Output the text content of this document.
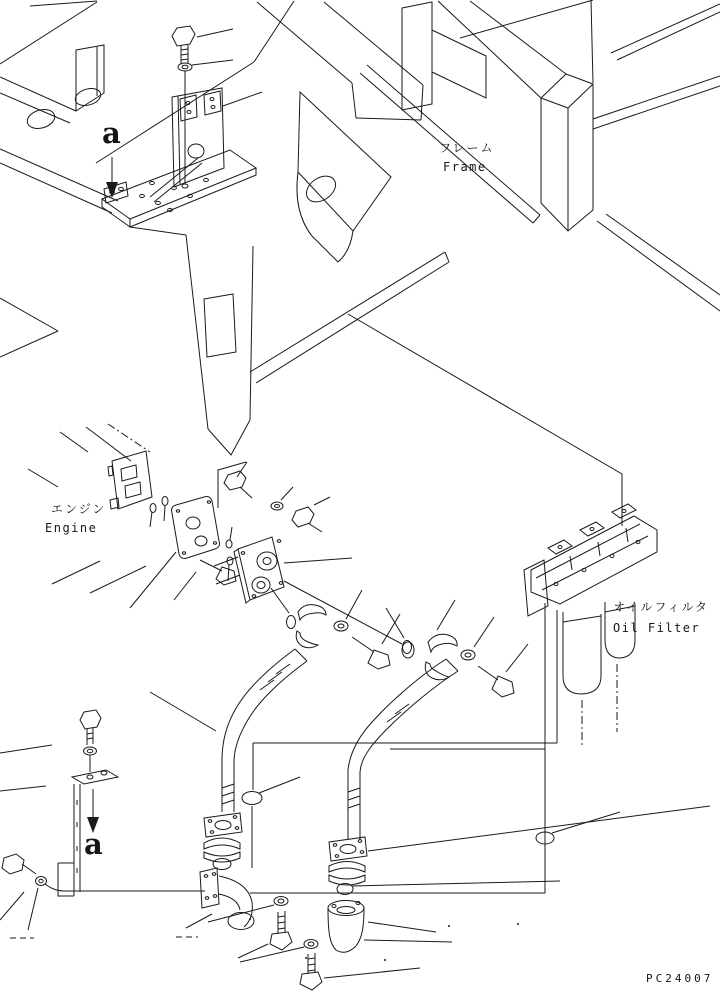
フレーム
Frame
エンジン
Engine
オイルフィルタ
Oil Filter
a
a
PC24007
